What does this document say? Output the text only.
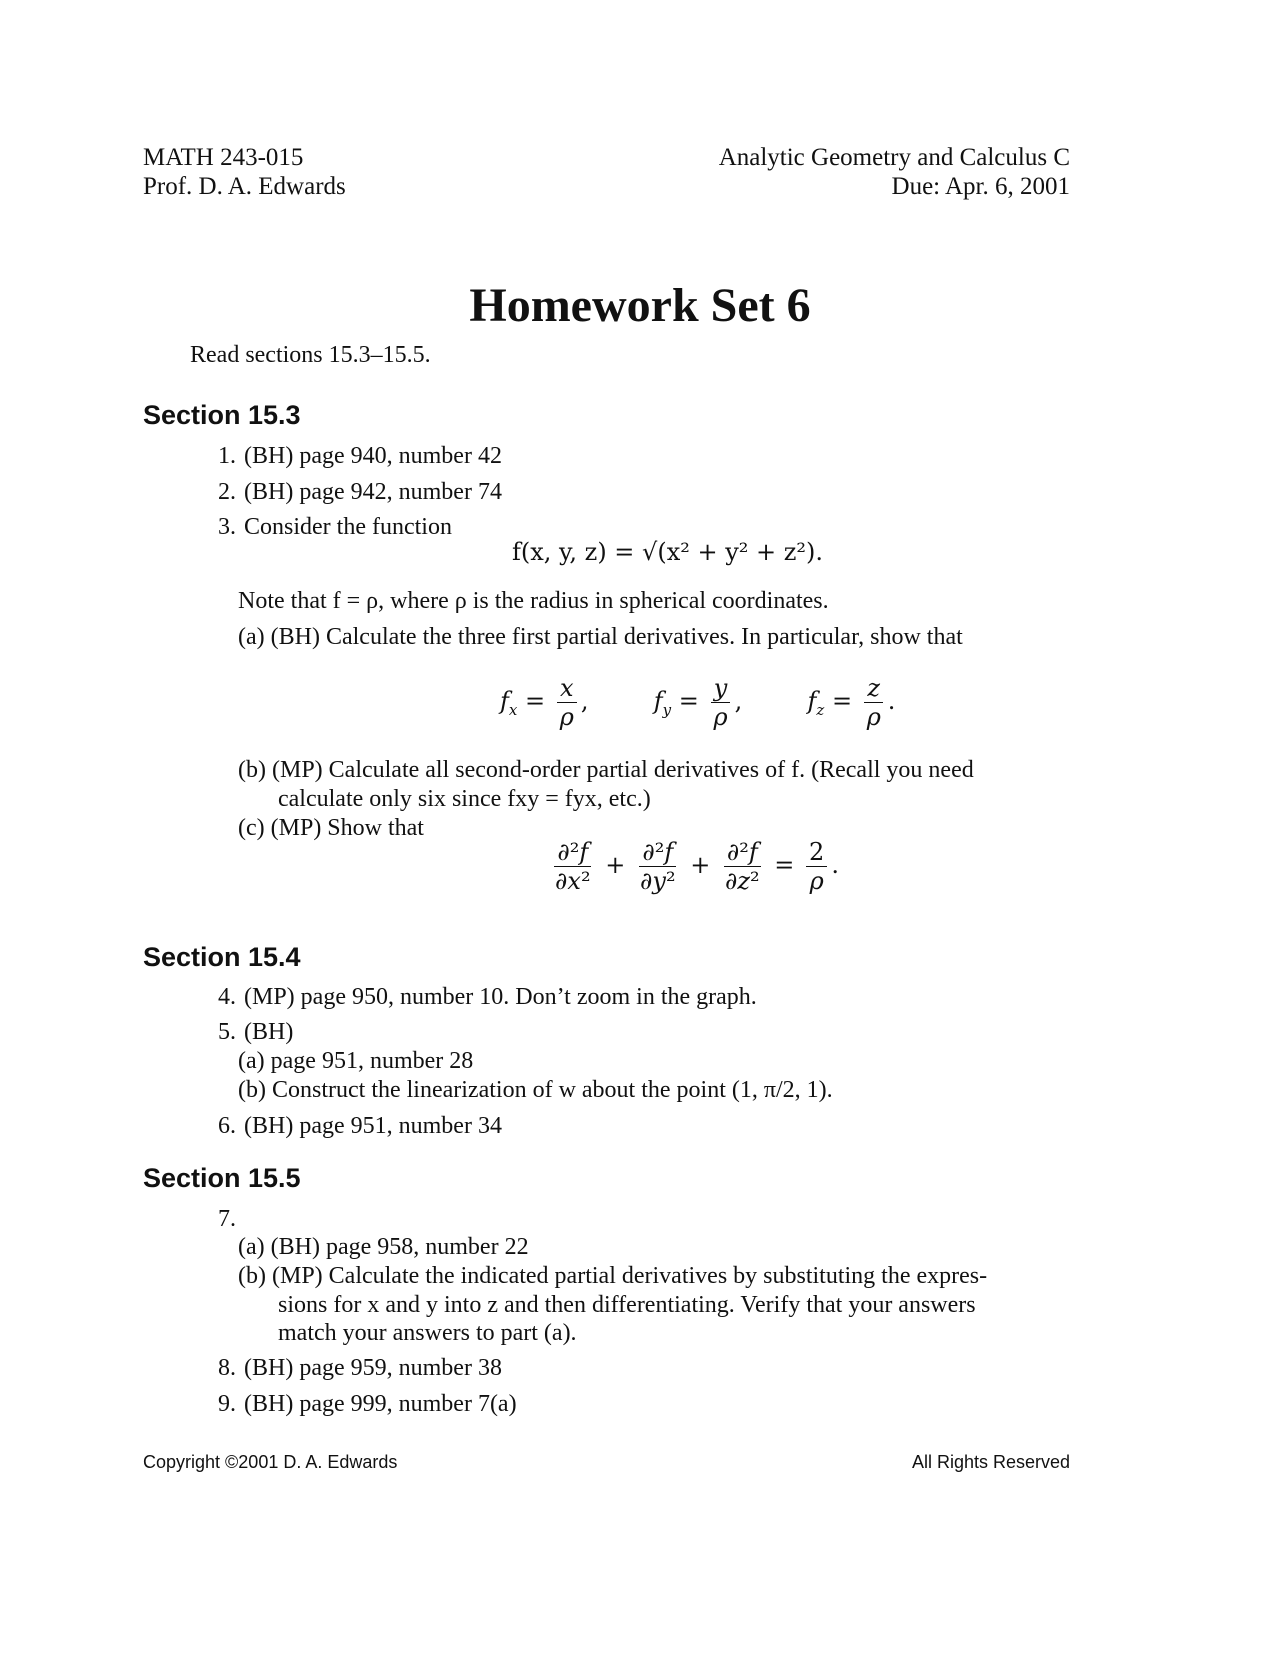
MATH 243-015
Prof. D. A. Edwards
Analytic Geometry and Calculus C
Due: Apr. 6, 2001
Homework Set 6
Read sections 15.3–15.5.
Section 15.3
1. (BH) page 940, number 42
2. (BH) page 942, number 74
3. Consider the function
f(x, y, z) = √(x² + y² + z²).
Note that f = ρ, where ρ is the radius in spherical coordinates.
(a) (BH) Calculate the three first partial derivatives. In particular, show that
$f_x = \frac{x}{\rho}$ ,  $f_y = \frac{y}{\rho}$ ,  $f_z = \frac{z}{\rho}$ .
(b) (MP) Calculate all second-order partial derivatives of f. (Recall you need
calculate only six since fxy = fyx, etc.)
(c) (MP) Show that
$\frac{\text{∂²f}}{\text{∂x²}} + \frac{\text{∂²f}}{\text{∂y²}} + \frac{\text{∂²f}}{\text{∂z²}} = \frac{2}{\rho}$ .
Section 15.4
4. (MP) page 950, number 10. Don’t zoom in the graph.
5. (BH)
(a) page 951, number 28
(b) Construct the linearization of w about the point (1, π/2, 1).
6. (BH) page 951, number 34
Section 15.5
7.
(a) (BH) page 958, number 22
(b) (MP) Calculate the indicated partial derivatives by substituting the expres-
sions for x and y into z and then differentiating. Verify that your answers
match your answers to part (a).
8. (BH) page 959, number 38
9. (BH) page 999, number 7(a)
Copyright ©2001 D. A. Edwards	All Rights Reserved
